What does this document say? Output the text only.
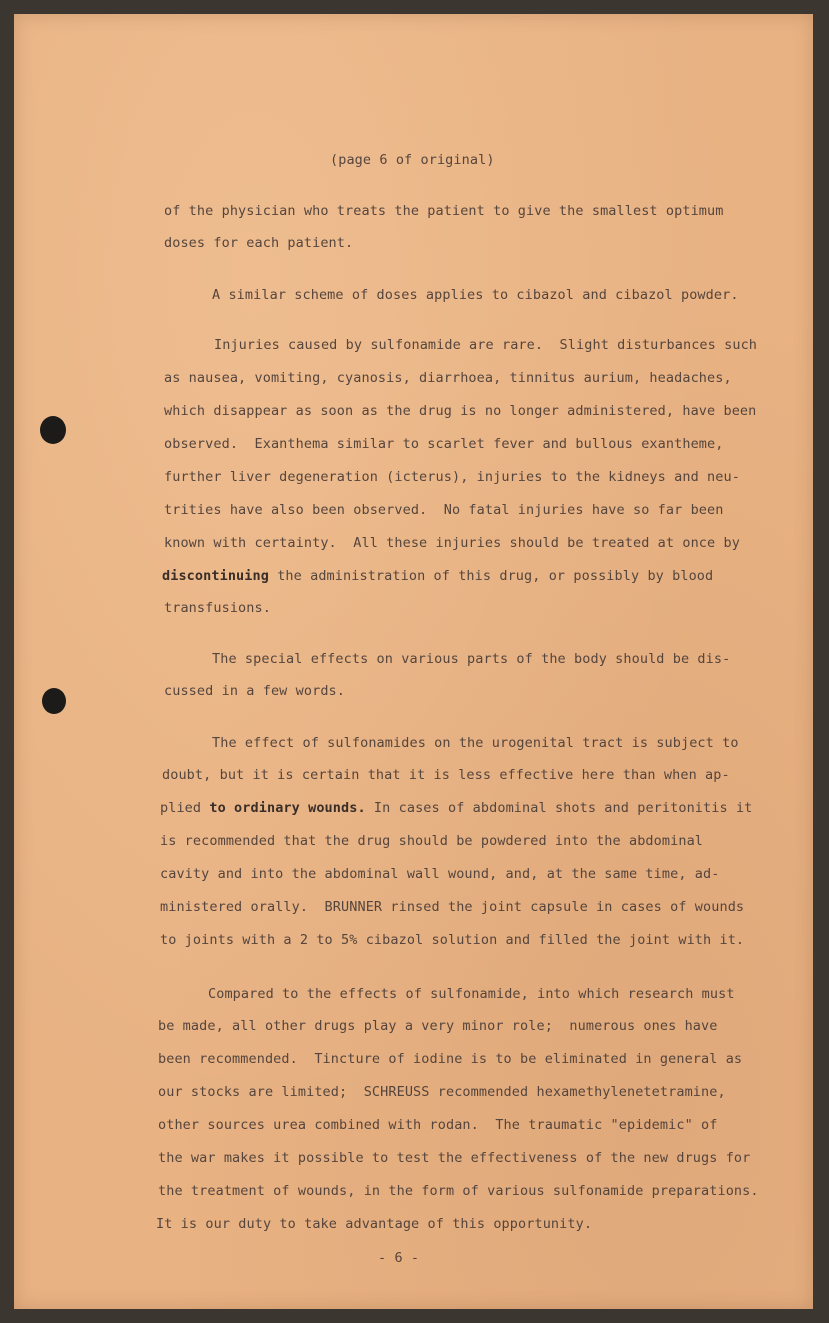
(page 6 of original)
of the physician who treats the patient to give the smallest optimum
doses for each patient.
A similar scheme of doses applies to cibazol and cibazol powder.
Injuries caused by sulfonamide are rare.  Slight disturbances such
as nausea, vomiting, cyanosis, diarrhoea, tinnitus aurium, headaches,
which disappear as soon as the drug is no longer administered, have been
observed.  Exanthema similar to scarlet fever and bullous exantheme,
further liver degeneration (icterus), injuries to the kidneys and neu-
trities have also been observed.  No fatal injuries have so far been
known with certainty.  All these injuries should be treated at once by
discontinuing the administration of this drug, or possibly by blood
transfusions.
The special effects on various parts of the body should be dis-
cussed in a few words.
The effect of sulfonamides on the urogenital tract is subject to
doubt, but it is certain that it is less effective here than when ap-
plied to ordinary wounds. In cases of abdominal shots and peritonitis it
is recommended that the drug should be powdered into the abdominal
cavity and into the abdominal wall wound, and, at the same time, ad-
ministered orally.  BRUNNER rinsed the joint capsule in cases of wounds
to joints with a 2 to 5% cibazol solution and filled the joint with it.
Compared to the effects of sulfonamide, into which research must
be made, all other drugs play a very minor role;  numerous ones have
been recommended.  Tincture of iodine is to be eliminated in general as
our stocks are limited;  SCHREUSS recommended hexamethylenetetramine,
other sources urea combined with rodan.  The traumatic "epidemic" of
the war makes it possible to test the effectiveness of the new drugs for
the treatment of wounds, in the form of various sulfonamide preparations.
It is our duty to take advantage of this opportunity.
- 6 -
